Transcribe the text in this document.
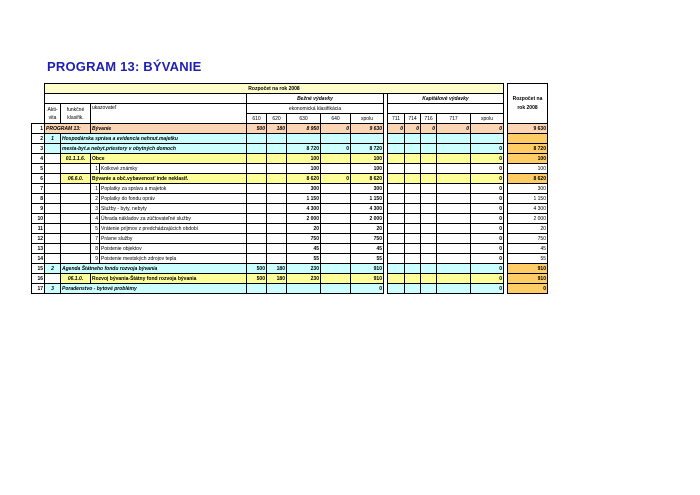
PROGRAM 13: BÝVANIE
	Rozpočet na rok 2008																Rozpočet na rok 2008
					Bežné výdavky						Kapitálové výdavky						
	Akti- vita	funkčné klasifik.	ukazovateľ		ekonomická klasifikácia												
					610	620	630	640	spolu		711	714	716	717	spolu		
1	PROGRAM 13:		Bývanie		500	180	8 950	0	9 630		0	0	0	0	0		9 630
2	1	Hospodárska správa a evidencia nehnut.majetku															
3		mesta-byt.a nebyt.priestory v obytných domoch					8 720	0	8 720						0		8 720
4		01.1.1.6.	Obce				100		100						0		100
5			1	Kolkové známky			100		100						0		100
6		06.6.0.	Bývanie a obč.vybavenosť inde neklasif.				8 620	0	8 620						0		8 620
7			1	Poplatky za správu a majetok			300		300						0		300
8			2	Poplatky do fondu opráv			1 150		1 150						0		1 150
9			3	Služby - byty, nebyty			4 300		4 300						0		4 300
10			4	Úhrada nákladov za zúčtovateľné služby			2 000		2 000						0		2 000
11			5	Vrátenie príjmov z predchádzajúcich období			20		20						0		20
12			7	Právne služby			750		750						0		750
13			8	Poistenie objektov			45		45						0		45
14			9	Poistenie mestských zdrojov tepla			55		55						0		55
15	2	Agenda Štátneho fondu rozvoja bývania			500	180	230		910						0		910
16		06.1.0.	Rozvoj bývania-Štátny fond rozvoja bývania		500	180	230		910						0		910
17	3	Poradenstvo - bytové problémy							0						0		0
